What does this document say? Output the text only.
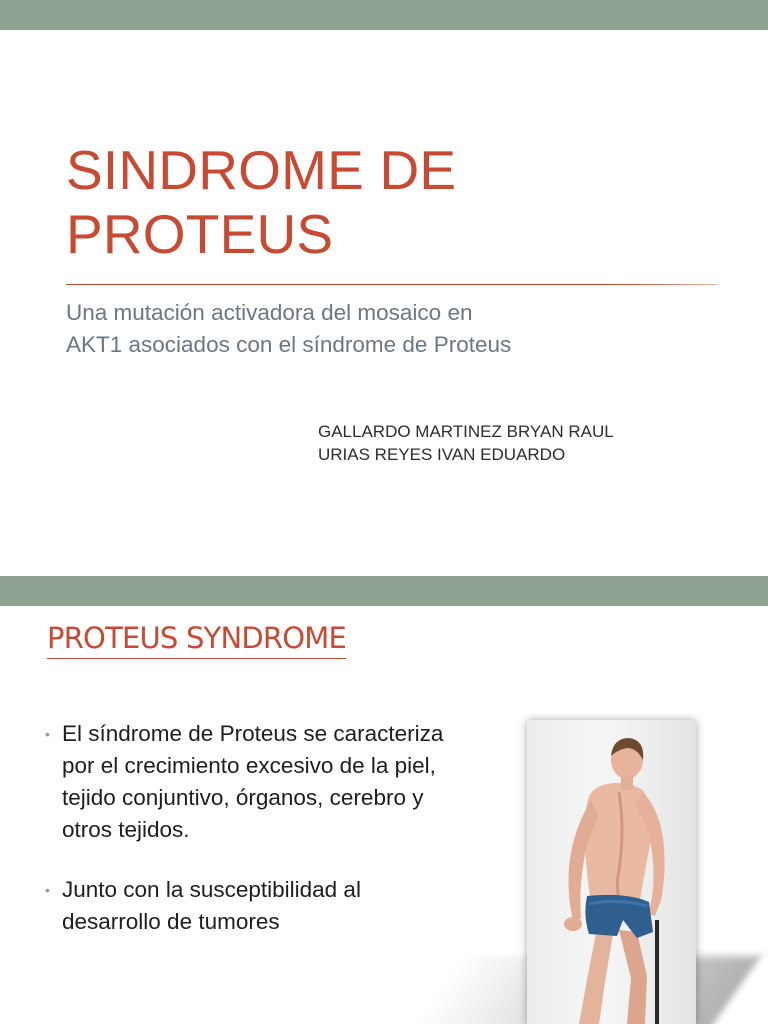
SINDROME DE
PROTEUS

Una mutación activadora del mosaico en
AKT1 asociados con el síndrome de Proteus

GALLARDO MARTINEZ BRYAN RAUL
URIAS REYES IVAN EDUARDO
PROTEUS SYNDROME
• El síndrome de Proteus se caracteriza
por el crecimiento excesivo de la piel,
tejido conjuntivo, órganos, cerebro y
otros tejidos.
• Junto con la susceptibilidad al
desarrollo de tumores
